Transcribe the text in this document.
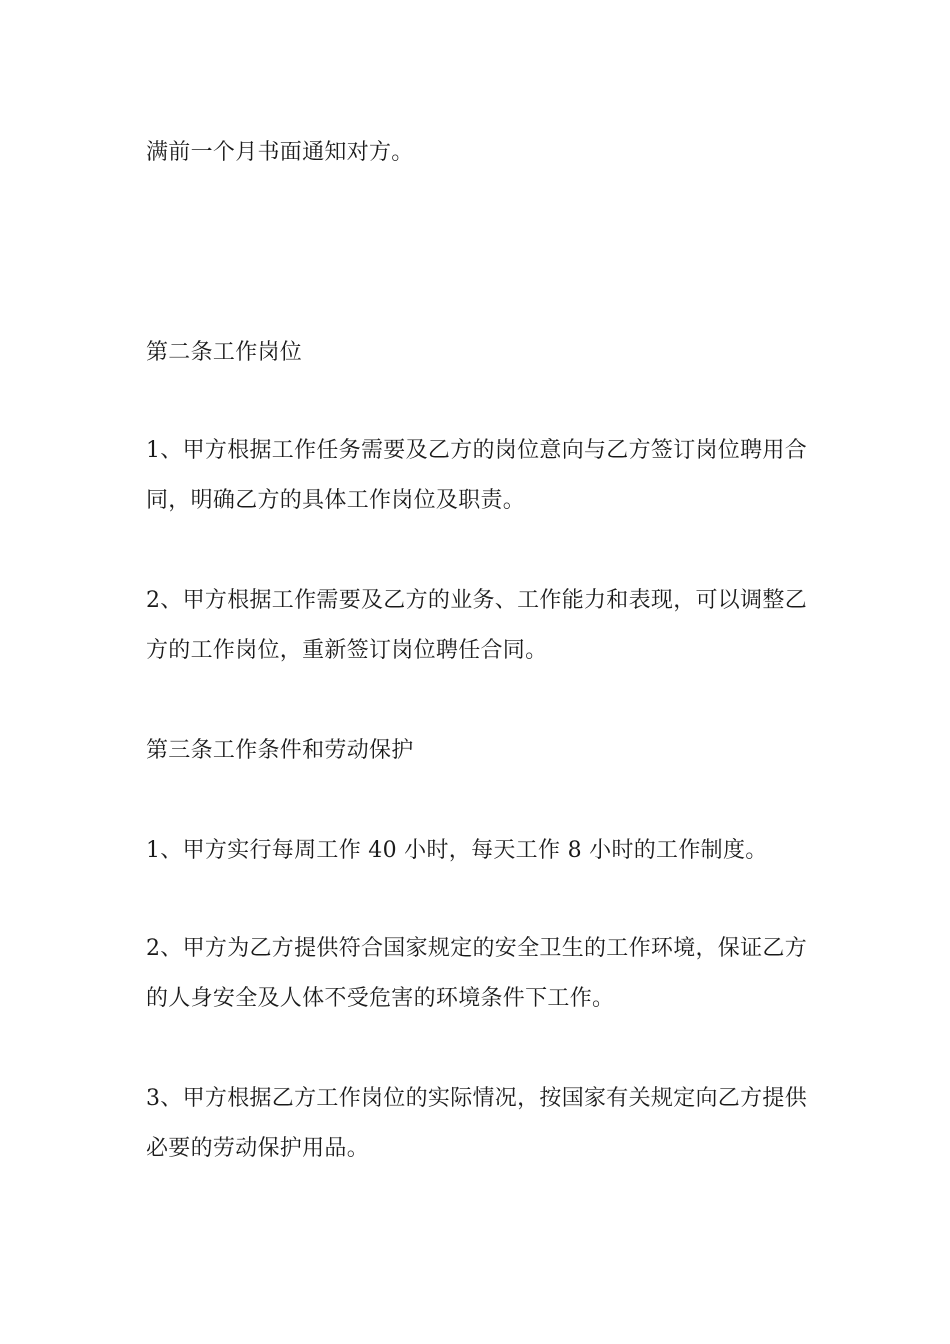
满前一个月书面通知对方。
第二条工作岗位
1、甲方根据工作任务需要及乙方的岗位意向与乙方签订岗位聘用合
同，明确乙方的具体工作岗位及职责。
2、甲方根据工作需要及乙方的业务、工作能力和表现，可以调整乙
方的工作岗位，重新签订岗位聘任合同。
第三条工作条件和劳动保护
1、甲方实行每周工作 40 小时，每天工作 8 小时的工作制度。
2、甲方为乙方提供符合国家规定的安全卫生的工作环境，保证乙方
的人身安全及人体不受危害的环境条件下工作。
3、甲方根据乙方工作岗位的实际情况，按国家有关规定向乙方提供
必要的劳动保护用品。
